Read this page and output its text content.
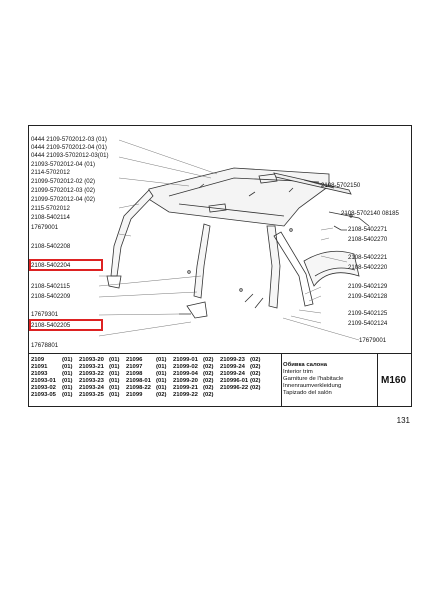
0444 2109-5702012-03 (01)
0444 2109-5702012-04 (01)
0444 21093-5702012-03(01)
21093-5702012-04 (01)
2114-5702012
21099-5702012-02 (02)
21099-5702012-03 (02)
21099-5702012-04 (02)
2115-5702012
2108-5402114
17679001
2108-5402208
2108-5402204
2108-5402115
2108-5402209
17679301
2108-5402205
17678801
2108-5702150
2108-5702140 08185
2108-5402271
2108-5402270
2108-5402221
2108-5402220
2109-5402129
2109-5402128
2109-5402125
2109-5402124
17679001
2109	(01)	21093-20 (01)	21096	(01)	21099-01 (02)	21099-23 (02)
21091	(01)	21093-21 (01)	21097	(01)	21099-02 (02)	21099-24 (02)
21093	(01)	21093-22 (01)	21098	(01)	21099-04 (02)	21099-24 (02)
21093-01	(01)	21093-23 (01)	21098-01 (01)	21099-20 (02)	210996-01 (02)
21093-02	(01)	21093-24 (01)	21098-22 (01)	21099-21 (02)	210996-22 (02)
21093-05	(01)	21093-25 (01)	21099	(02)	21099-22 (02)
Обивка салона
Interior trim
Garniture de l'habitacle
Innenraumverkleidung
Tapizado del salón
M160
131
